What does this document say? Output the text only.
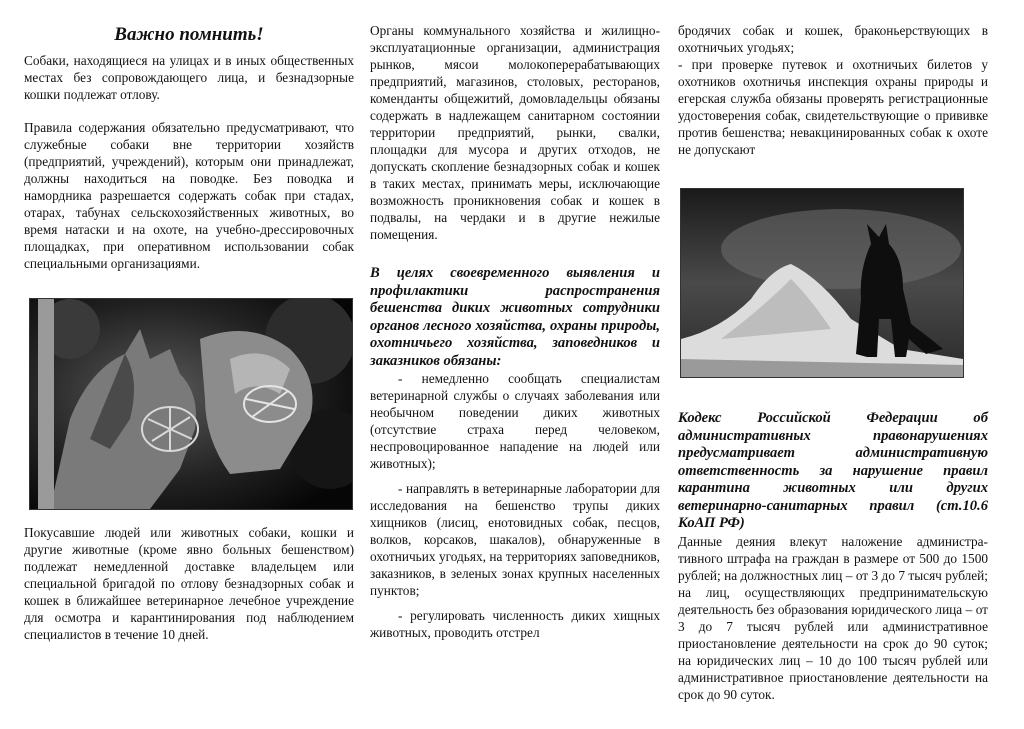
Важно помнить!

Собаки, находящиеся на улицах и в иных общественных местах без сопровождающего лица, и безнадзорные кошки подлежат отлову.

Правила содержания обязательно предусматривают, что служебные собаки вне территории хозяйств (предприятий, учреждений), которым они принадлежат, должны находиться на поводке. Без поводка и намордника разрешается содержать собак при стадах, отарах, табунах сельскохозяйственных животных, во время натаски и на охоте, на учебно-дрессировочных площадках, при оперативном использовании собак специальными организациями.

Покусавшие людей или животных собаки, кошки и другие животные (кроме явно больных бешенством) подлежат немедленной доставке владельцем или специальной бригадой по отлову безнадзорных собак и кошек в ближайшее ветеринарное лечебное учреждение для осмотра и карантинирования под наблюдением специалистов в течение 10 дней.

Органы коммунального хозяйства и жилищно-эксплуатационные организации, администрация рынков, мясои молокоперерабатывающих предприятий, магазинов, столовых, ресторанов, коменданты общежитий, домовладельцы обязаны содержать в надлежащем санитарном состоянии территории предприятий, рынки, свалки, площадки для мусора и других отходов, не допускать скопление безнадзорных собак и кошек в таких местах, принимать меры, исключающие возможность проникновения собак и кошек в подвалы, на чердаки и в другие нежилые помещения.

В целях своевременного выявления и профилактики распространения бешенства диких животных сотрудники органов лесного хозяйства, охраны природы, охотничьего хозяйства, заповедников и заказников обязаны:

- немедленно сообщать специалистам ветеринарной службы о случаях заболевания или необычном поведении диких животных (отсутствие страха перед человеком, неспровоцированное нападение на людей или животных);

- направлять в ветеринарные лаборатории для исследования на бешенство трупы диких хищников (лисиц, енотовидных собак, песцов, волков, корсаков, шакалов), обнаруженные в охотничьих угодьях, на территориях заповедников, заказников, в зеленых зонах крупных населенных пунктов;

- регулировать численность диких хищных животных, проводить отстрел

бродячих собак и кошек, браконьерствующих в охотничьих угодьях;

- при проверке путевок и охотничьих билетов у охотников охотничья инспекция охраны природы и егерская служба обязаны проверять регистрационные удостоверения собак, свидетельствующие о прививке против бешенства; невакцинированных собак к охоте не допускают

Кодекс Российской Федерации об административных правонарушениях предусматривает административную ответственность за нарушение правил карантина животных или других ветеринарно-санитарных правил (ст.10.6 КоАП РФ)

Данные деяния влекут наложение администра-тивного штрафа на граждан в размере от 500 до 1500 рублей; на должностных лиц – от 3 до 7 тысяч рублей; на лиц, осуществляющих предпринимательскую деятельность без образования юридического лица – от 3 до 7 тысяч рублей или административное приостановление деятельности на срок до 90 суток; на юридических лиц – 10 до 100 тысяч рублей или административное приостановление деятельности на срок до 90 суток.
